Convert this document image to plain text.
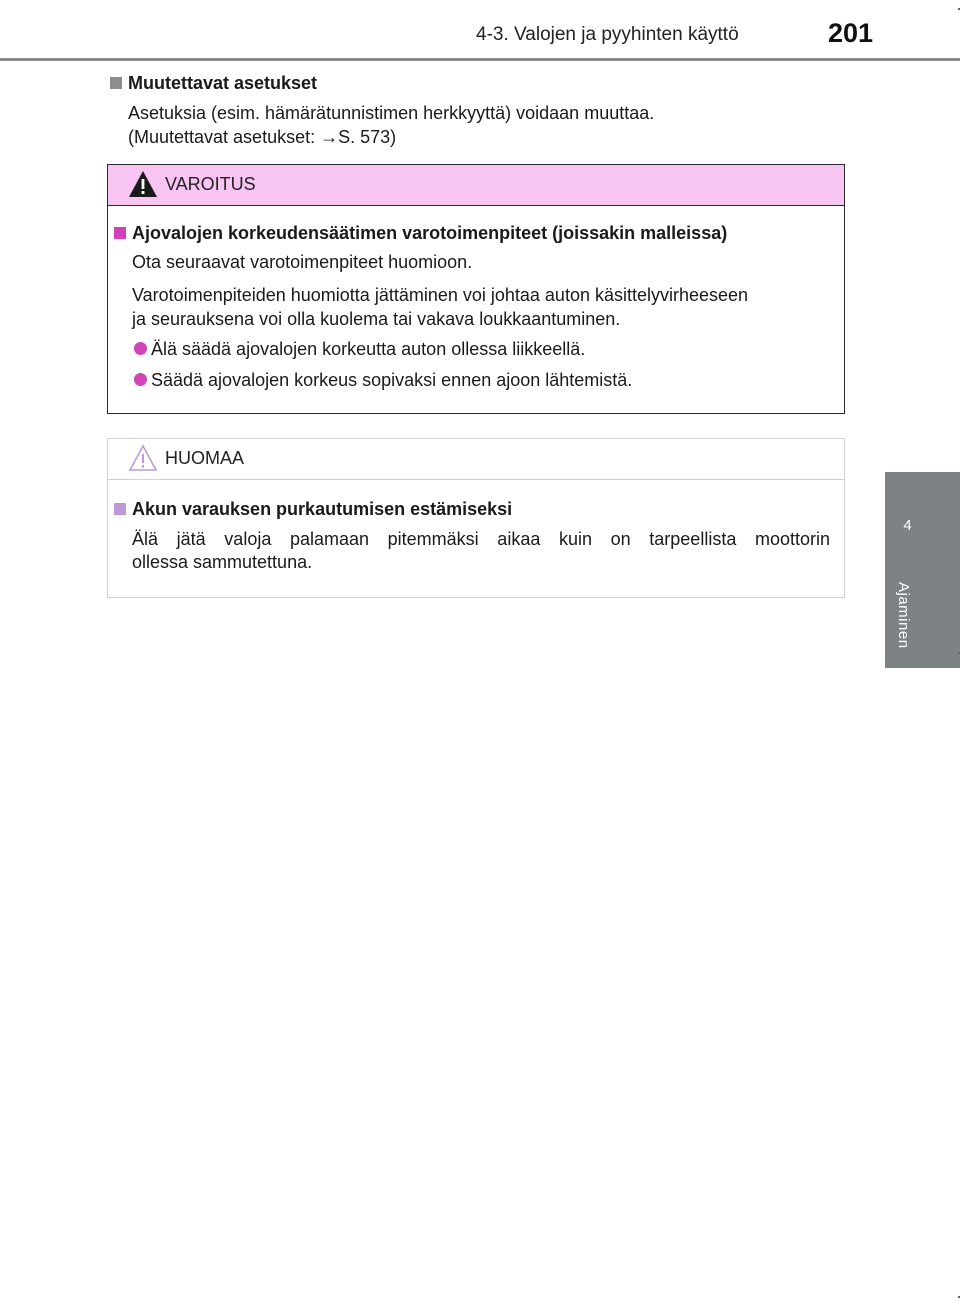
4-3. Valojen ja pyyhinten käyttö	201
4
Ajaminen
Muutettavat asetukset
Asetuksia (esim. hämärätunnistimen herkkyyttä) voidaan muuttaa.
(Muutettavat asetukset: →S. 573)
VAROITUS
Ajovalojen korkeudensäätimen varotoimenpiteet (joissakin malleissa)
Ota seuraavat varotoimenpiteet huomioon.
Varotoimenpiteiden huomiotta jättäminen voi johtaa auton käsittelyvirheeseen
ja seurauksena voi olla kuolema tai vakava loukkaantuminen.
Älä säädä ajovalojen korkeutta auton ollessa liikkeellä.
Säädä ajovalojen korkeus sopivaksi ennen ajoon lähtemistä.
HUOMAA
Akun varauksen purkautumisen estämiseksi
Älä jätä valoja palamaan pitemmäksi aikaa kuin on tarpeellista moottorin
ollessa sammutettuna.
